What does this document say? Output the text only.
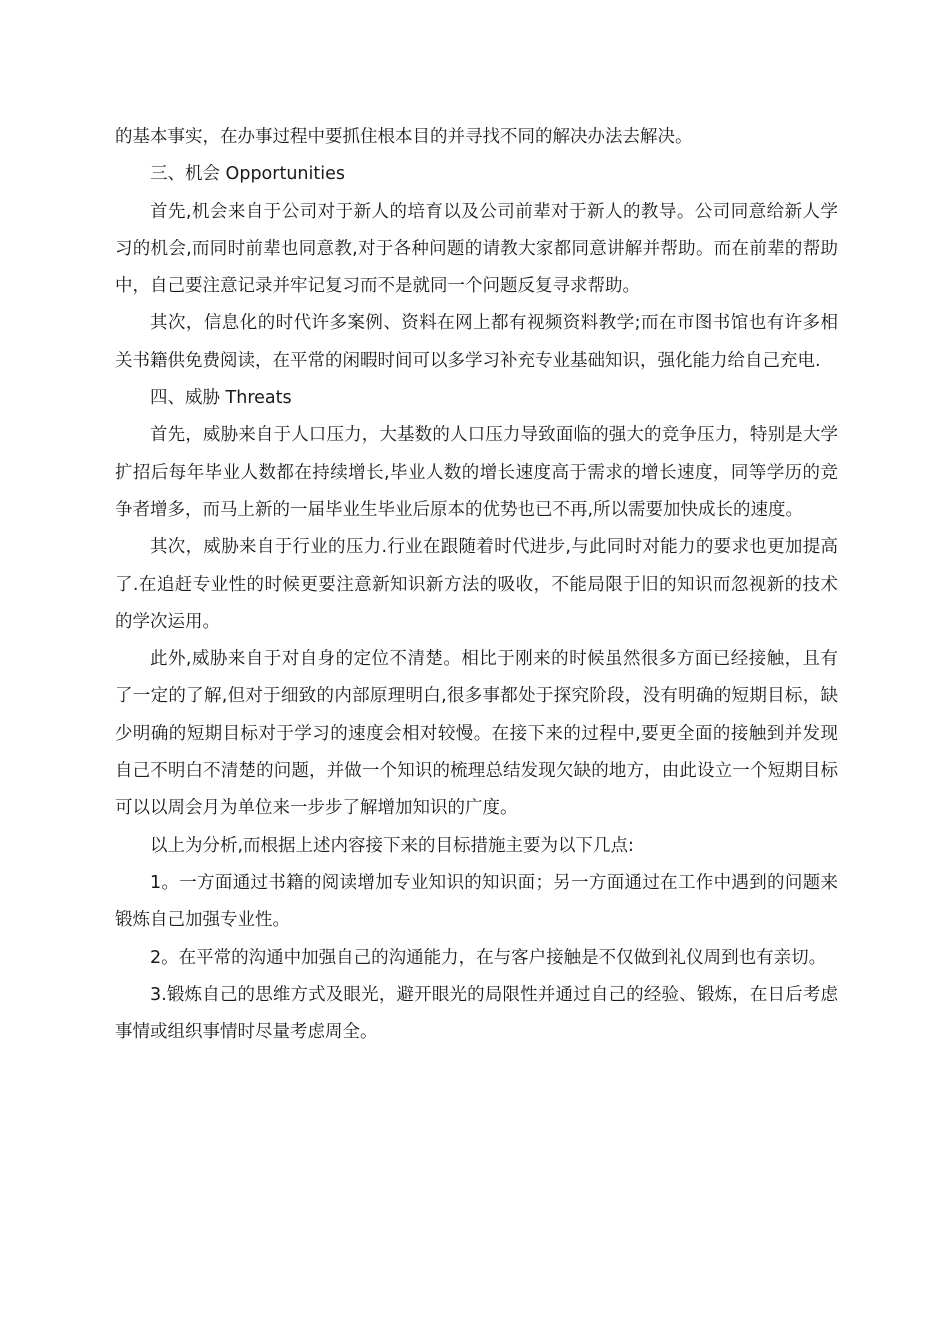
的基本事实，在办事过程中要抓住根本目的并寻找不同的解决办法去解决。

三、机会 Opportunities

首先,机会来自于公司对于新人的培育以及公司前辈对于新人的教导。公司同意给新人学习的机会,而同时前辈也同意教,对于各种问题的请教大家都同意讲解并帮助。而在前辈的帮助中，自己要注意记录并牢记复习而不是就同一个问题反复寻求帮助。

其次，信息化的时代许多案例、资料在网上都有视频资料教学;而在市图书馆也有许多相关书籍供免费阅读，在平常的闲暇时间可以多学习补充专业基础知识，强化能力给自己充电.

四、威胁 Threats

首先，威胁来自于人口压力，大基数的人口压力导致面临的强大的竞争压力，特别是大学扩招后每年毕业人数都在持续增长,毕业人数的增长速度高于需求的增长速度，同等学历的竞争者增多，而马上新的一届毕业生毕业后原本的优势也已不再,所以需要加快成长的速度。

其次，威胁来自于行业的压力.行业在跟随着时代进步,与此同时对能力的要求也更加提高了.在追赶专业性的时候更要注意新知识新方法的吸收，不能局限于旧的知识而忽视新的技术的学次运用。

此外,威胁来自于对自身的定位不清楚。相比于刚来的时候虽然很多方面已经接触，且有了一定的了解,但对于细致的内部原理明白,很多事都处于探究阶段，没有明确的短期目标，缺少明确的短期目标对于学习的速度会相对较慢。在接下来的过程中,要更全面的接触到并发现自己不明白不清楚的问题，并做一个知识的梳理总结发现欠缺的地方，由此设立一个短期目标可以以周会月为单位来一步步了解增加知识的广度。

以上为分析,而根据上述内容接下来的目标措施主要为以下几点:

1。一方面通过书籍的阅读增加专业知识的知识面；另一方面通过在工作中遇到的问题来锻炼自己加强专业性。

2。在平常的沟通中加强自己的沟通能力，在与客户接触是不仅做到礼仪周到也有亲切。

3.锻炼自己的思维方式及眼光，避开眼光的局限性并通过自己的经验、锻炼，在日后考虑事情或组织事情时尽量考虑周全。
